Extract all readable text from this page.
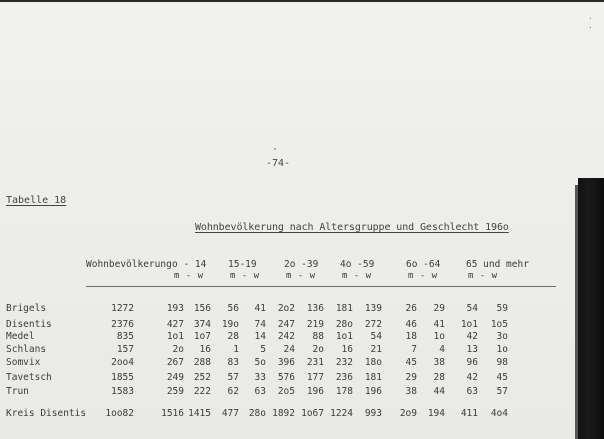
· ·
-74-
Tabelle 18
Wohnbevölkerung nach Altersgruppe und Geschlecht 196o
Wohnbevölkerung o - 14
m - w
15-19
m - w
2o -39
m - w
4o -59
m - w
6o -64
m - w
65 und mehr
m - w
Brigels	1272	193 156 56 41 2o2 136 181 139 26 29 54 59
Disentis	2376	427 374 19o 74 247 219 28o 272 46 41 1o1 1o5
Medel	835	1o1 1o7 28 14 242 88 1o1 54 18 1o 42 3o
Schlans	157	2o 16 1 5 24 2o 16 21	7 4 13 1o
Somvix	2oo4	267 288 83 5o 396 231 232 18o 45 38 96 98
Tavetsch	1855	249 252 57 33 576 177 236 181 29 28 42 45
Trun	1583	259 222 62 63 2o5 196 178 196 38 44 63 57
Kreis Disentis 1oo82	1516 1415 477 28o 1892 1o67 1224 993 2o9 194 411 4o4
